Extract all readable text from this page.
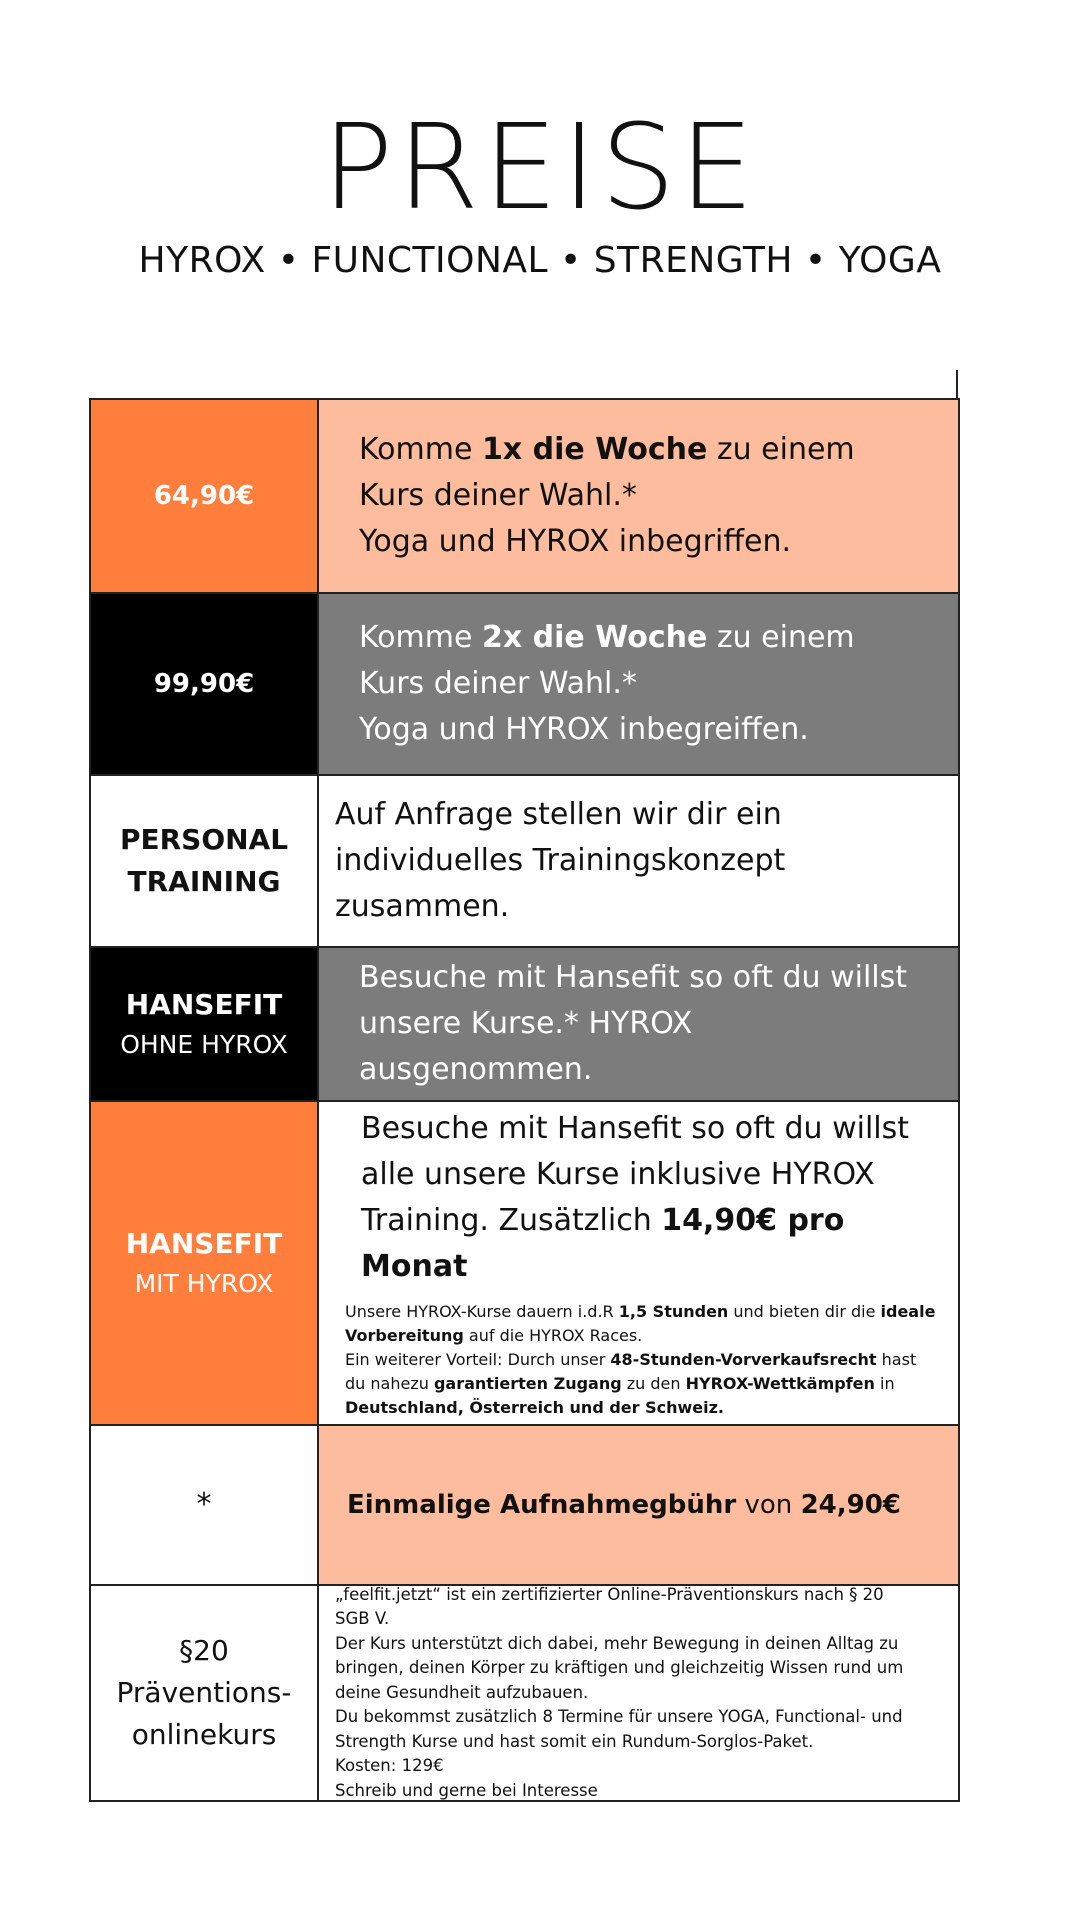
PREISE
HYROX • FUNCTIONAL • STRENGTH • YOGA
64,90€
Komme 1x die Woche zu einem Kurs deiner Wahl.*
Yoga und HYROX inbegriffen.
99,90€
Komme 2x die Woche zu einem Kurs deiner Wahl.*
Yoga und HYROX inbegreiffen.
PERSONAL
TRAINING
Auf Anfrage stellen wir dir ein individuelles Trainingskonzept zusammen.
HANSEFIT
OHNE HYROX
Besuche mit Hansefit so oft du willst unsere Kurse.* HYROX ausgenommen.
HANSEFIT
MIT HYROX
Besuche mit Hansefit so oft du willst alle unsere Kurse inklusive HYROX Training. Zusätzlich 14,90€ pro Monat
Unsere HYROX-Kurse dauern i.d.R 1,5 Stunden und bieten dir die ideale Vorbereitung auf die HYROX Races.
Ein weiterer Vorteil: Durch unser 48-Stunden-Vorverkaufsrecht hast du nahezu garantierten Zugang zu den HYROX-Wettkämpfen in Deutschland, Österreich und der Schweiz.
*	Einmalige Aufnahmegbühr von 24,90€
§20
Präventions-
onlinekurs
„feelfit.jetzt“ ist ein zertifizierter Online-Präventionskurs nach § 20 SGB V.
Der Kurs unterstützt dich dabei, mehr Bewegung in deinen Alltag zu bringen, deinen Körper zu kräftigen und gleichzeitig Wissen rund um deine Gesundheit aufzubauen.
Du bekommst zusätzlich 8 Termine für unsere YOGA, Functional- und Strength Kurse und hast somit ein Rundum-Sorglos-Paket.
Kosten: 129€
Schreib und gerne bei Interesse
